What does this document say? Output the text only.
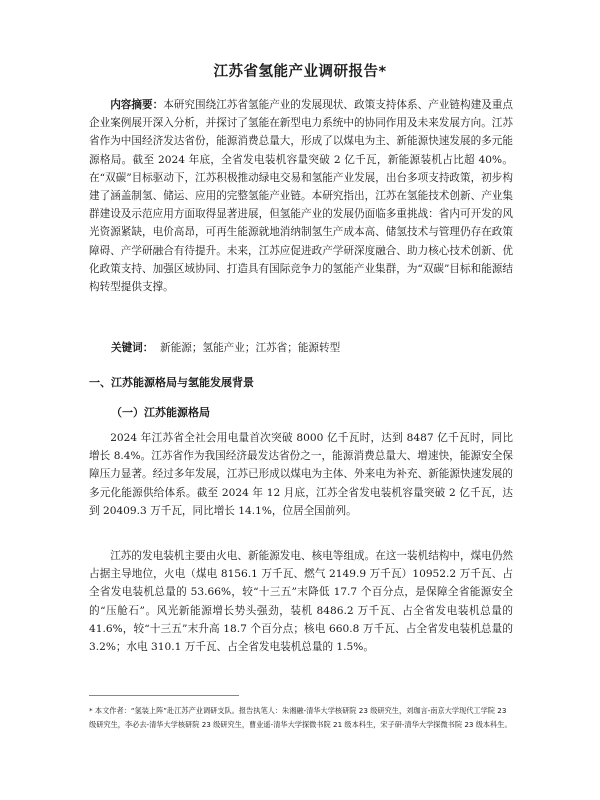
江苏省氢能产业调研报告*

内容摘要：本研究围绕江苏省氢能产业的发展现状、政策支持体系、产业链构建及重点企业案例展开深入分析，并探讨了氢能在新型电力系统中的协同作用及未来发展方向。江苏省作为中国经济发达省份，能源消费总量大，形成了以煤电为主、新能源快速发展的多元能源格局。截至 2024 年底，全省发电装机容量突破 2 亿千瓦，新能源装机占比超 40%。在“双碳”目标驱动下，江苏积极推动绿电交易和氢能产业发展，出台多项支持政策，初步构建了涵盖制氢、储运、应用的完整氢能产业链。本研究指出，江苏在氢能技术创新、产业集群建设及示范应用方面取得显著进展，但氢能产业的发展仍面临多重挑战：省内可开发的风光资源紧缺，电价高昂，可再生能源就地消纳制氢生产成本高、储氢技术与管理仍存在政策障碍、产学研融合有待提升。未来，江苏应促进政产学研深度融合、助力核心技术创新、优化政策支持、加强区域协同、打造具有国际竞争力的氢能产业集群，为“双碳”目标和能源结构转型提供支撑。

关键词： 新能源；氢能产业；江苏省；能源转型
一、江苏能源格局与氢能发展背景
（一）江苏能源格局

2024 年江苏省全社会用电量首次突破 8000 亿千瓦时，达到 8487 亿千瓦时，同比增长 8.4%。江苏省作为我国经济最发达省份之一，能源消费总量大、增速快，能源安全保障压力显著。经过多年发展，江苏已形成以煤电为主体、外来电为补充、新能源快速发展的多元化能源供给体系。截至 2024 年 12 月底，江苏全省发电装机容量突破 2 亿千瓦，达到 20409.3 万千瓦，同比增长 14.1%，位居全国前列。

江苏的发电装机主要由火电、新能源发电、核电等组成。在这一装机结构中，煤电仍然占据主导地位，火电（煤电 8156.1 万千瓦、燃气 2149.9 万千瓦）10952.2 万千瓦、占全省发电装机总量的 53.66%，较“十三五”末降低 17.7 个百分点，是保障全省能源安全的“压舱石”。风光新能源增长势头强劲，装机 8486.2 万千瓦、占全省发电装机总量的 41.6%，较“十三五”末升高 18.7 个百分点；核电 660.8 万千瓦、占全省发电装机总量的 3.2%；水电 310.1 万千瓦、占全省发电装机总量的 1.5%。

* 本文作者：“氢装上阵”赴江苏产业调研支队。报告执笔人：朱湘融-清华大学核研院 23 级研究生，刘珈言-南京大学现代工学院 23 级研究生，李必去-清华大学核研院 23 级研究生，曹业遥-清华大学探微书院 21 级本科生，宋子研-清华大学探微书院 23 级本科生。
